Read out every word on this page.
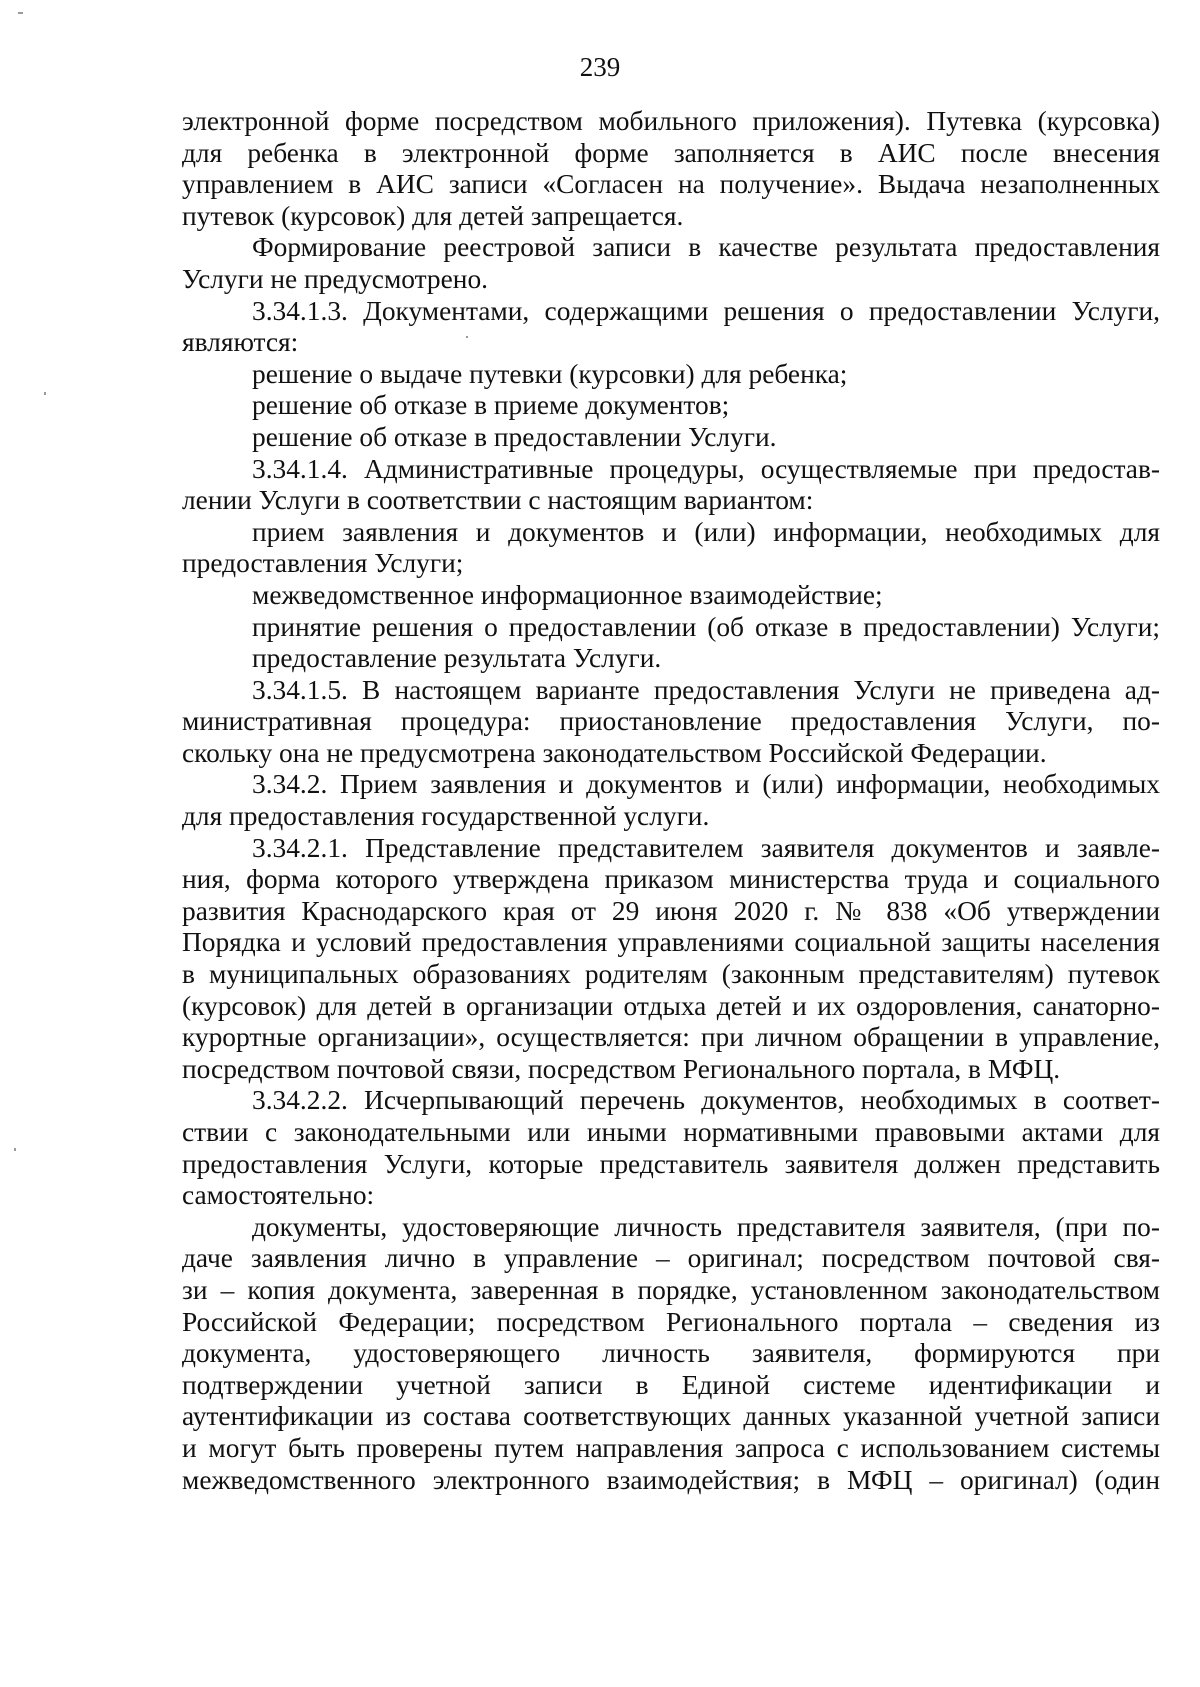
239
электронной форме посредством мобильного приложения). Путевка (курсовка)
для ребенка в электронной форме заполняется в АИС после внесения
управлением в АИС записи «Согласен на получение». Выдача незаполненных
путевок (курсовок) для детей запрещается.
Формирование реестровой записи в качестве результата предоставления
Услуги не предусмотрено.
3.34.1.3. Документами, содержащими решения о предоставлении Услуги,
являются:
решение о выдаче путевки (курсовки) для ребенка;
решение об отказе в приеме документов;
решение об отказе в предоставлении Услуги.
3.34.1.4. Административные процедуры, осуществляемые при предостав-
лении Услуги в соответствии с настоящим вариантом:
прием заявления и документов и (или) информации, необходимых для
предоставления Услуги;
межведомственное информационное взаимодействие;
принятие решения о предоставлении (об отказе в предоставлении) Услуги;
предоставление результата Услуги.
3.34.1.5. В настоящем варианте предоставления Услуги не приведена ад-
министративная процедура: приостановление предоставления Услуги, по-
скольку она не предусмотрена законодательством Российской Федерации.
3.34.2. Прием заявления и документов и (или) информации, необходимых
для предоставления государственной услуги.
3.34.2.1. Представление представителем заявителя документов и заявле-
ния, форма которого утверждена приказом министерства труда и социального
развития Краснодарского края от 29 июня 2020 г. № 838 «Об утверждении
Порядка и условий предоставления управлениями социальной защиты населения
в муниципальных образованиях родителям (законным представителям) путевок
(курсовок) для детей в организации отдыха детей и их оздоровления, санаторно-
курортные организации», осуществляется: при личном обращении в управление,
посредством почтовой связи, посредством Регионального портала, в МФЦ.
3.34.2.2. Исчерпывающий перечень документов, необходимых в соответ-
ствии с законодательными или иными нормативными правовыми актами для
предоставления Услуги, которые представитель заявителя должен представить
самостоятельно:
документы, удостоверяющие личность представителя заявителя, (при по-
даче заявления лично в управление – оригинал; посредством почтовой свя-
зи – копия документа, заверенная в порядке, установленном законодательством
Российской Федерации; посредством Регионального портала – сведения из
документа, удостоверяющего личность заявителя, формируются при
подтверждении учетной записи в Единой системе идентификации и
аутентификации из состава соответствующих данных указанной учетной записи
и могут быть проверены путем направления запроса с использованием системы
межведомственного электронного взаимодействия; в МФЦ – оригинал) (один
